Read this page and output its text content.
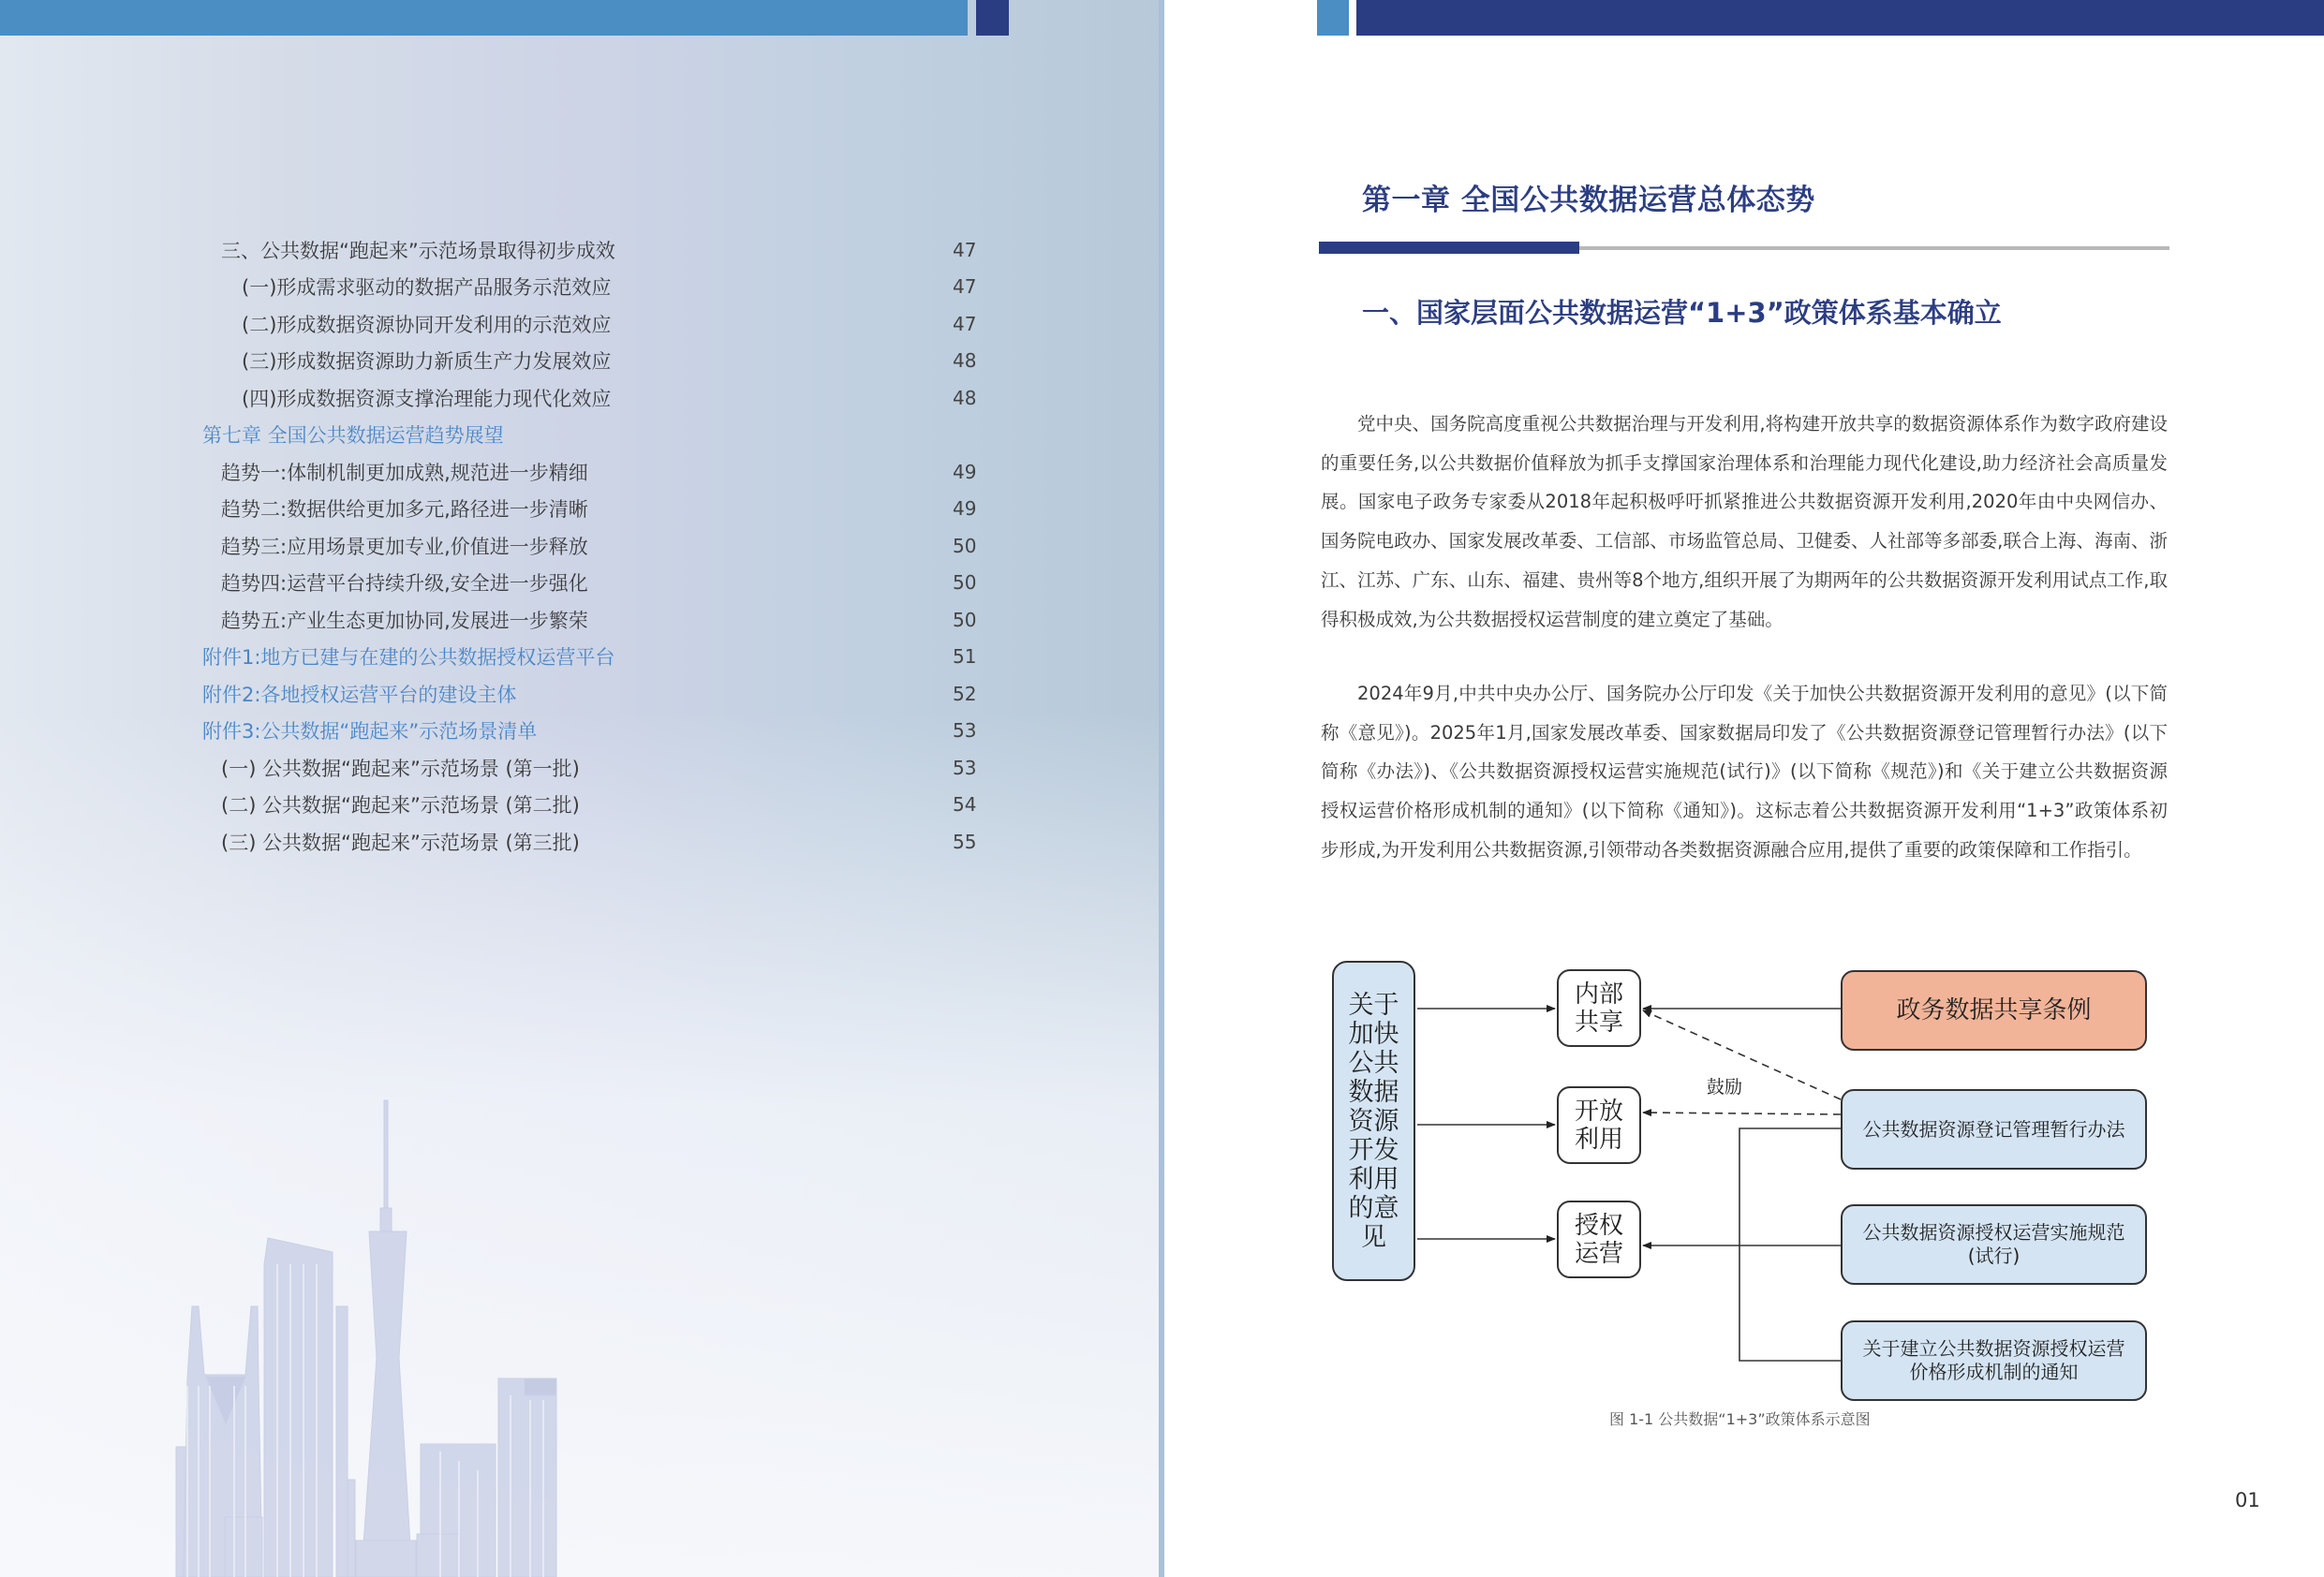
三、公共数据“跑起来”示范场景取得初步成效	47
(一)形成需求驱动的数据产品服务示范效应	47
(二)形成数据资源协同开发利用的示范效应	47
(三)形成数据资源助力新质生产力发展效应	48
(四)形成数据资源支撑治理能力现代化效应	48
第七章 全国公共数据运营趋势展望
趋势一:体制机制更加成熟,规范进一步精细	49
趋势二:数据供给更加多元,路径进一步清晰	49
趋势三:应用场景更加专业,价值进一步释放	50
趋势四:运营平台持续升级,安全进一步强化	50
趋势五:产业生态更加协同,发展进一步繁荣	50
附件1:地方已建与在建的公共数据授权运营平台	51
附件2:各地授权运营平台的建设主体	52
附件3:公共数据“跑起来”示范场景清单	53
(一) 公共数据“跑起来”示范场景 (第一批)	53
(二) 公共数据“跑起来”示范场景 (第二批)	54
(三) 公共数据“跑起来”示范场景 (第三批)	55
第一章 全国公共数据运营总体态势
一、国家层面公共数据运营“1+3”政策体系基本确立

党中央、国务院高度重视公共数据治理与开发利用,将构建开放共享的数据资源体系作为数字政府建设的重要任务,以公共数据价值释放为抓手支撑国家治理体系和治理能力现代化建设,助力经济社会高质量发展。国家电子政务专家委从2018年起积极呼吁抓紧推进公共数据资源开发利用,2020年由中央网信办、国务院电政办、国家发展改革委、工信部、市场监管总局、卫健委、人社部等多部委,联合上海、海南、浙江、江苏、广东、山东、福建、贵州等8个地方,组织开展了为期两年的公共数据资源开发利用试点工作,取得积极成效,为公共数据授权运营制度的建立奠定了基础。

2024年9月,中共中央办公厅、国务院办公厅印发《关于加快公共数据资源开发利用的意见》(以下简称《意见》)。2025年1月,国家发展改革委、国家数据局印发了《公共数据资源登记管理暂行办法》(以下简称《办法》)、《公共数据资源授权运营实施规范(试行)》(以下简称《规范》)和《关于建立公共数据资源授权运营价格形成机制的通知》(以下简称《通知》)。这标志着公共数据资源开发利用“1+3”政策体系初步形成,为开发利用公共数据资源,引领带动各类数据资源融合应用,提供了重要的政策保障和工作指引。

关于加快公共数据资源开发利用的意见
内部共享
开放利用
授权运营
政务数据共享条例
公共数据资源登记管理暂行办法
公共数据资源授权运营实施规范(试行)
关于建立公共数据资源授权运营价格形成机制的通知
鼓励
图 1-1 公共数据“1+3”政策体系示意图
01
